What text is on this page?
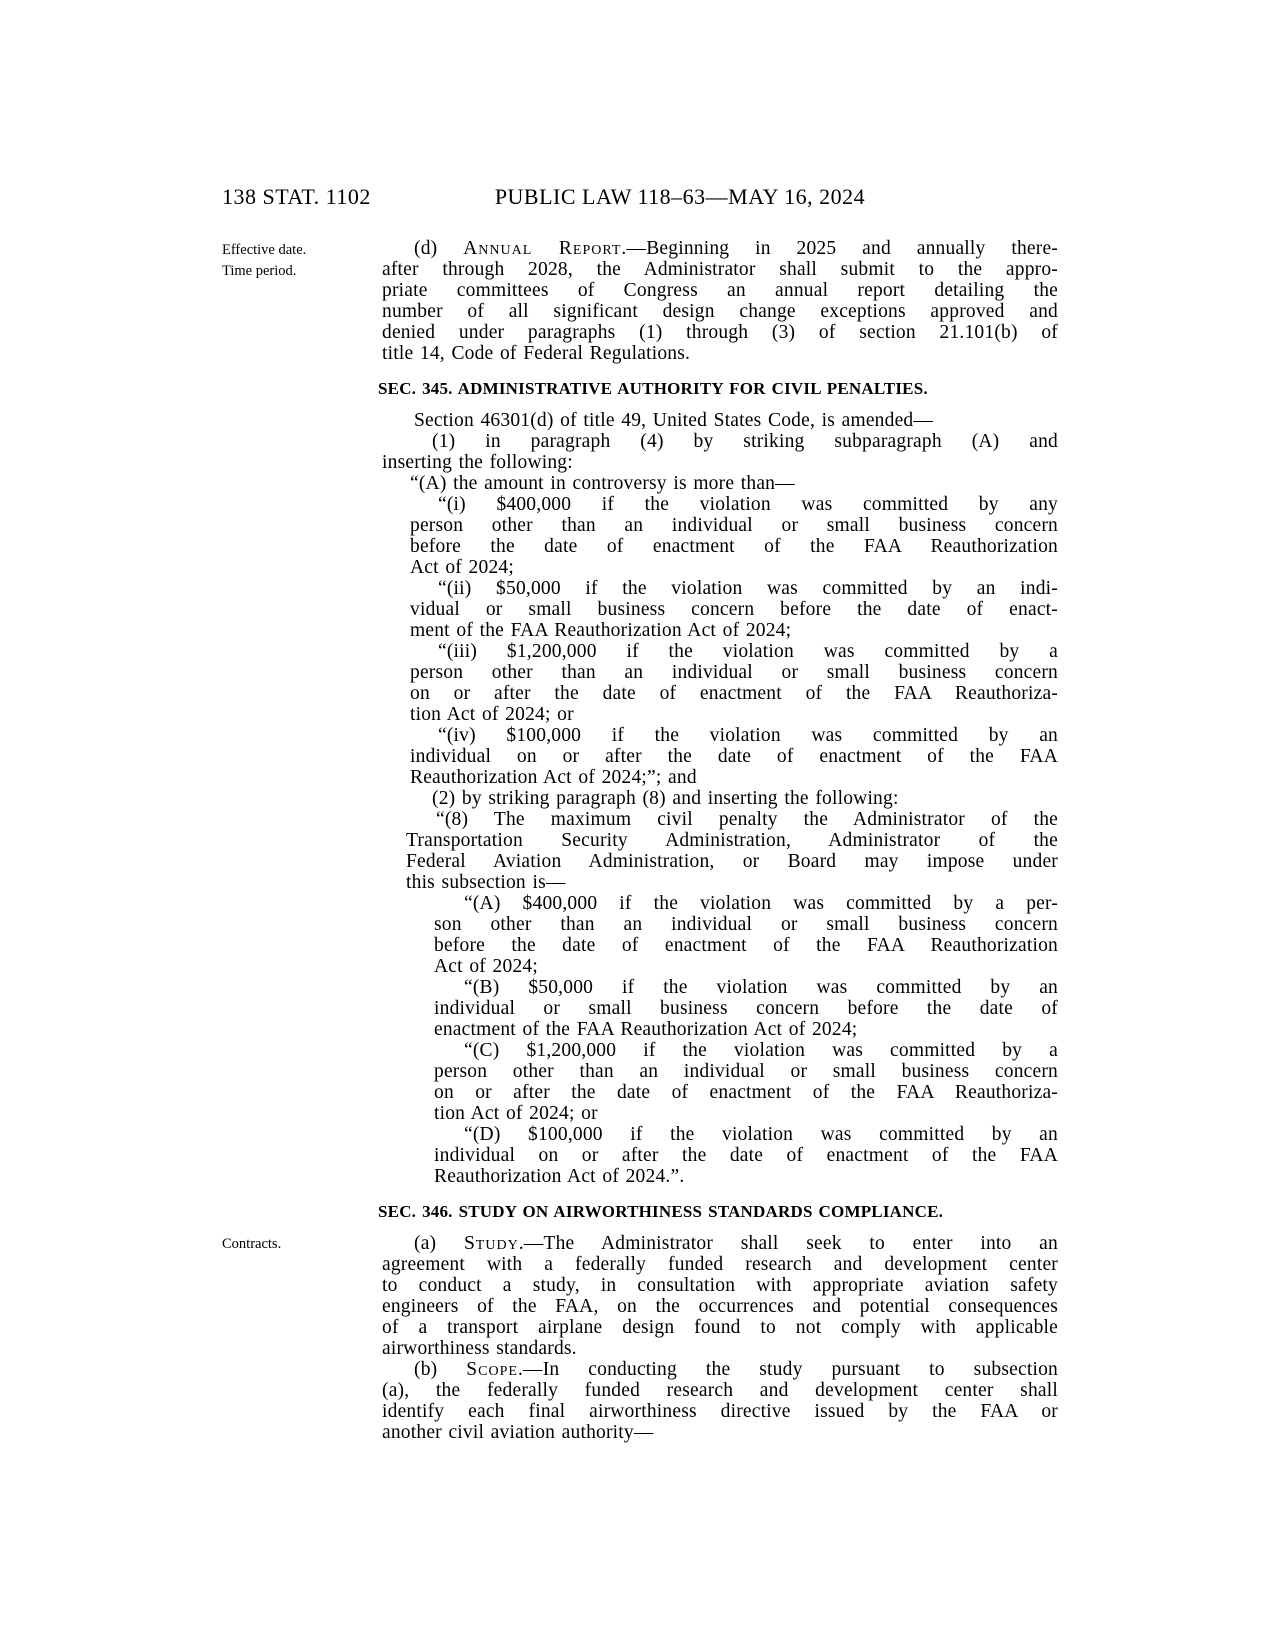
138 STAT. 1102	PUBLIC LAW 118–63—MAY 16, 2024
Effective date.
Time period.
Contracts.

(d) Annual Report.—Beginning in 2025 and annually there-
after through 2028, the Administrator shall submit to the appro-
priate committees of Congress an annual report detailing the
number of all significant design change exceptions approved and
denied under paragraphs (1) through (3) of section 21.101(b) of
title 14, Code of Federal Regulations.

SEC. 345. ADMINISTRATIVE AUTHORITY FOR CIVIL PENALTIES.

Section 46301(d) of title 49, United States Code, is amended—

(1) in paragraph (4) by striking subparagraph (A) and
inserting the following:

“(A) the amount in controversy is more than—

“(i) $400,000 if the violation was committed by any
person other than an individual or small business concern
before the date of enactment of the FAA Reauthorization
Act of 2024;

“(ii) $50,000 if the violation was committed by an indi-
vidual or small business concern before the date of enact-
ment of the FAA Reauthorization Act of 2024;

“(iii) $1,200,000 if the violation was committed by a
person other than an individual or small business concern
on or after the date of enactment of the FAA Reauthoriza-
tion Act of 2024; or

“(iv) $100,000 if the violation was committed by an
individual on or after the date of enactment of the FAA
Reauthorization Act of 2024;”; and

(2) by striking paragraph (8) and inserting the following:

“(8) The maximum civil penalty the Administrator of the
Transportation Security Administration, Administrator of the
Federal Aviation Administration, or Board may impose under
this subsection is—

“(A) $400,000 if the violation was committed by a per-
son other than an individual or small business concern
before the date of enactment of the FAA Reauthorization
Act of 2024;

“(B) $50,000 if the violation was committed by an
individual or small business concern before the date of
enactment of the FAA Reauthorization Act of 2024;

“(C) $1,200,000 if the violation was committed by a
person other than an individual or small business concern
on or after the date of enactment of the FAA Reauthoriza-
tion Act of 2024; or

“(D) $100,000 if the violation was committed by an
individual on or after the date of enactment of the FAA
Reauthorization Act of 2024.”.

SEC. 346. STUDY ON AIRWORTHINESS STANDARDS COMPLIANCE.

(a) Study.—The Administrator shall seek to enter into an
agreement with a federally funded research and development center
to conduct a study, in consultation with appropriate aviation safety
engineers of the FAA, on the occurrences and potential consequences
of a transport airplane design found to not comply with applicable
airworthiness standards.

(b) Scope.—In conducting the study pursuant to subsection
(a), the federally funded research and development center shall
identify each final airworthiness directive issued by the FAA or
another civil aviation authority—
